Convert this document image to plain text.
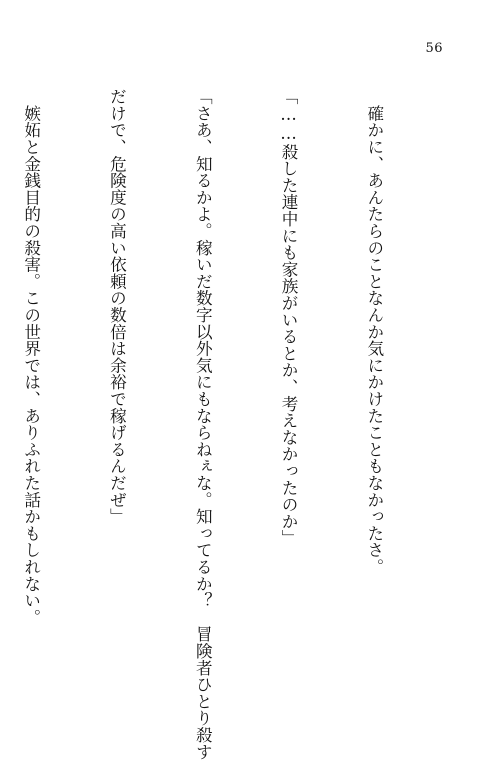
56

　確かに、あんたらのことなんか気にかけたこともなかったさ。

「……殺した連中にも家族がいるとか、考えなかったのか」

「さあ、知るかよ。稼いだ数字以外気にもならねぇな。知ってるか？　冒険者ひとり殺す

だけで、危険度の高い依頼の数倍は余裕で稼げるんだぜ」

　嫉妬と金銭目的の殺害。この世界では、ありふれた話かもしれない。
